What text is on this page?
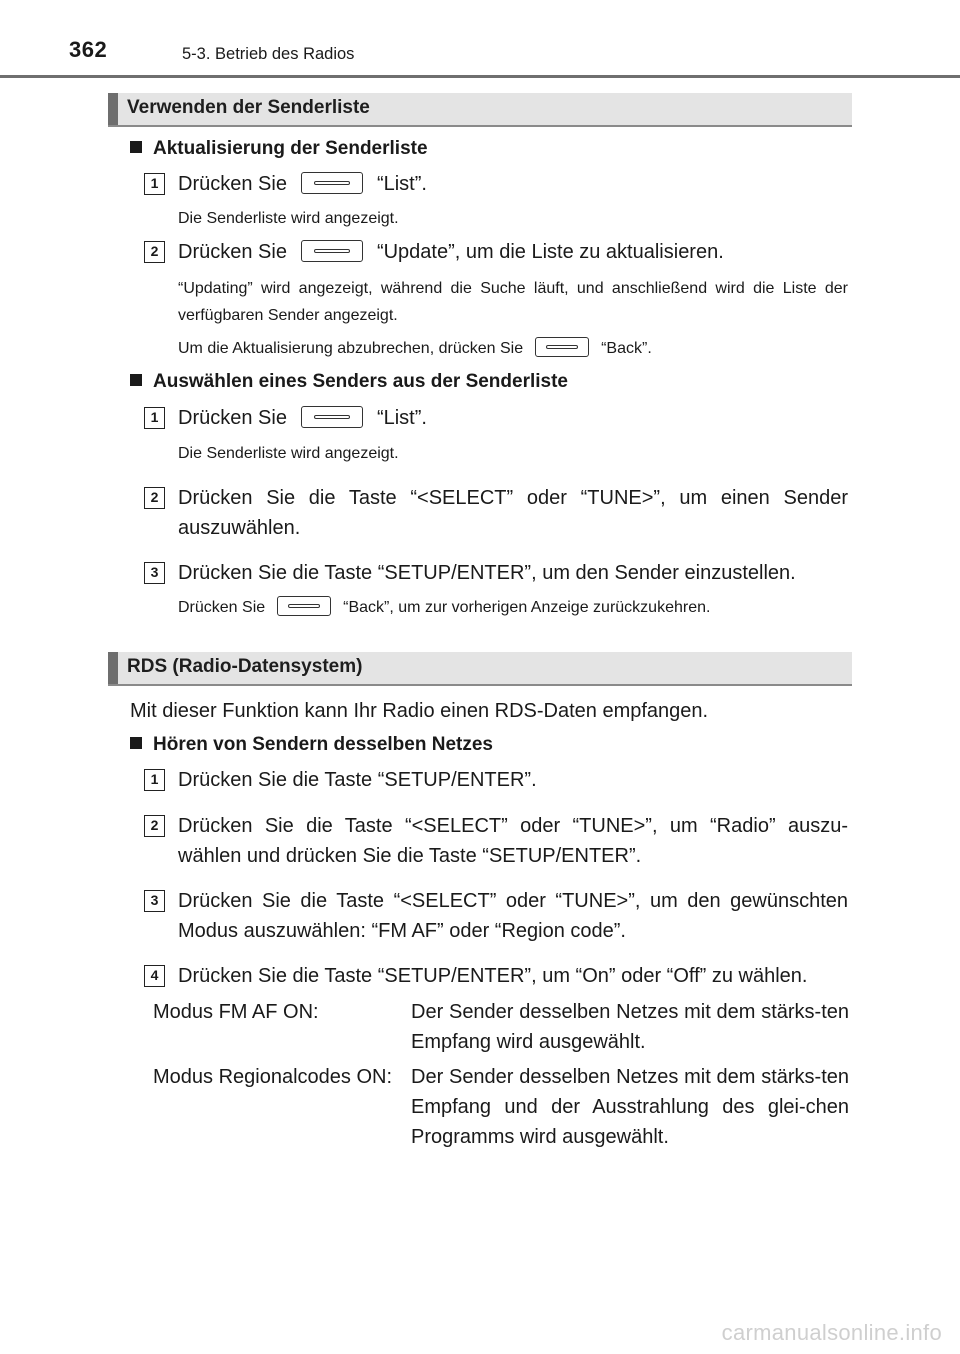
362	5-3. Betrieb des Radios
Verwenden der Senderliste
Aktualisierung der Senderliste
1 Drücken Sie	“List”.
Die Senderliste wird angezeigt.
2 Drücken Sie	“Update”, um die Liste zu aktualisieren.
“Updating” wird angezeigt, während die Suche läuft, und anschließend wird die Liste der verfügbaren Sender angezeigt.
Um die Aktualisierung abzubrechen, drücken Sie	“Back”.
Auswählen eines Senders aus der Senderliste
1 Drücken Sie	“List”.
Die Senderliste wird angezeigt.
2 Drücken Sie die Taste “<SELECT” oder “TUNE>”, um einen Sender auszuwählen.
3 Drücken Sie die Taste “SETUP/ENTER”, um den Sender einzustellen.
Drücken Sie	“Back”, um zur vorherigen Anzeige zurückzukehren.
RDS (Radio-Datensystem)
Mit dieser Funktion kann Ihr Radio einen RDS-Daten empfangen.
Hören von Sendern desselben Netzes
1 Drücken Sie die Taste “SETUP/ENTER”.
2 Drücken Sie die Taste “<SELECT” oder “TUNE>”, um “Radio” auszu-wählen und drücken Sie die Taste “SETUP/ENTER”.
3 Drücken Sie die Taste “<SELECT” oder “TUNE>”, um den gewünschten Modus auszuwählen: “FM AF” oder “Region code”.
4 Drücken Sie die Taste “SETUP/ENTER”, um “On” oder “Off” zu wählen.
Modus FM AF ON:	Der Sender desselben Netzes mit dem stärks-ten Empfang wird ausgewählt.
Modus Regionalcodes ON: Der Sender desselben Netzes mit dem stärks-ten Empfang und der Ausstrahlung des glei-chen Programms wird ausgewählt.
carmanualsonline.info
